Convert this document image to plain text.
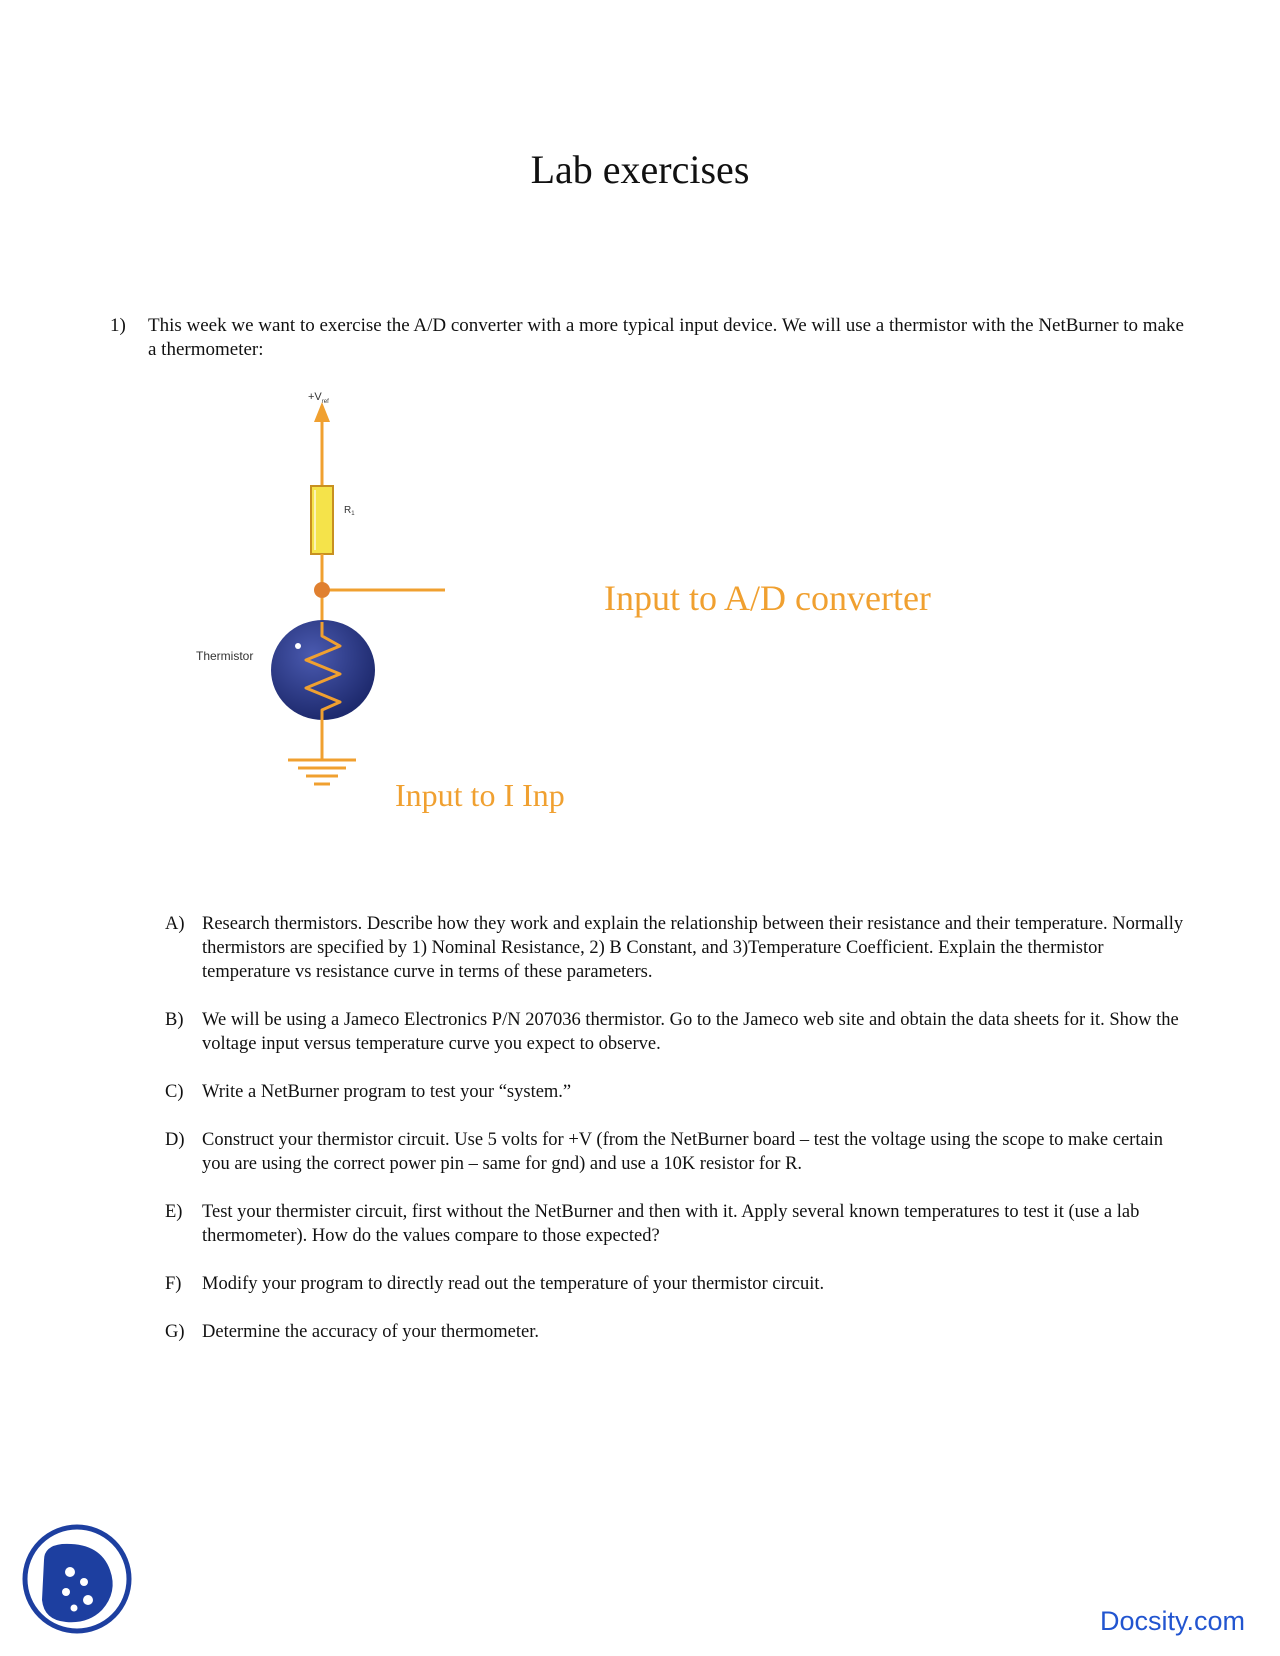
Lab exercises
1) This week we want to exercise the A/D converter with a more typical input device. We will use a thermistor with the NetBurner to make a thermometer:
$+V_{ref}$
$R_1$
Thermistor
Input to A/D converter
Input to I Inp
A) Research thermistors. Describe how they work and explain the relationship between their resistance and their temperature. Normally thermistors are specified by 1) Nominal Resistance, 2) B Constant, and 3)Temperature Coefficient. Explain the thermistor temperature vs resistance curve in terms of these parameters.
B) We will be using a Jameco Electronics P/N 207036 thermistor. Go to the Jameco web site and obtain the data sheets for it. Show the voltage input versus temperature curve you expect to observe.
C) Write a NetBurner program to test your “system.”
D) Construct your thermistor circuit. Use 5 volts for +V (from the NetBurner board – test the voltage using the scope to make certain you are using the correct power pin – same for gnd) and use a 10K resistor for R.
E) Test your thermister circuit, first without the NetBurner and then with it. Apply several known temperatures to test it (use a lab thermometer). How do the values compare to those expected?
F) Modify your program to directly read out the temperature of your thermistor circuit.
G) Determine the accuracy of your thermometer.
Docsity.com
